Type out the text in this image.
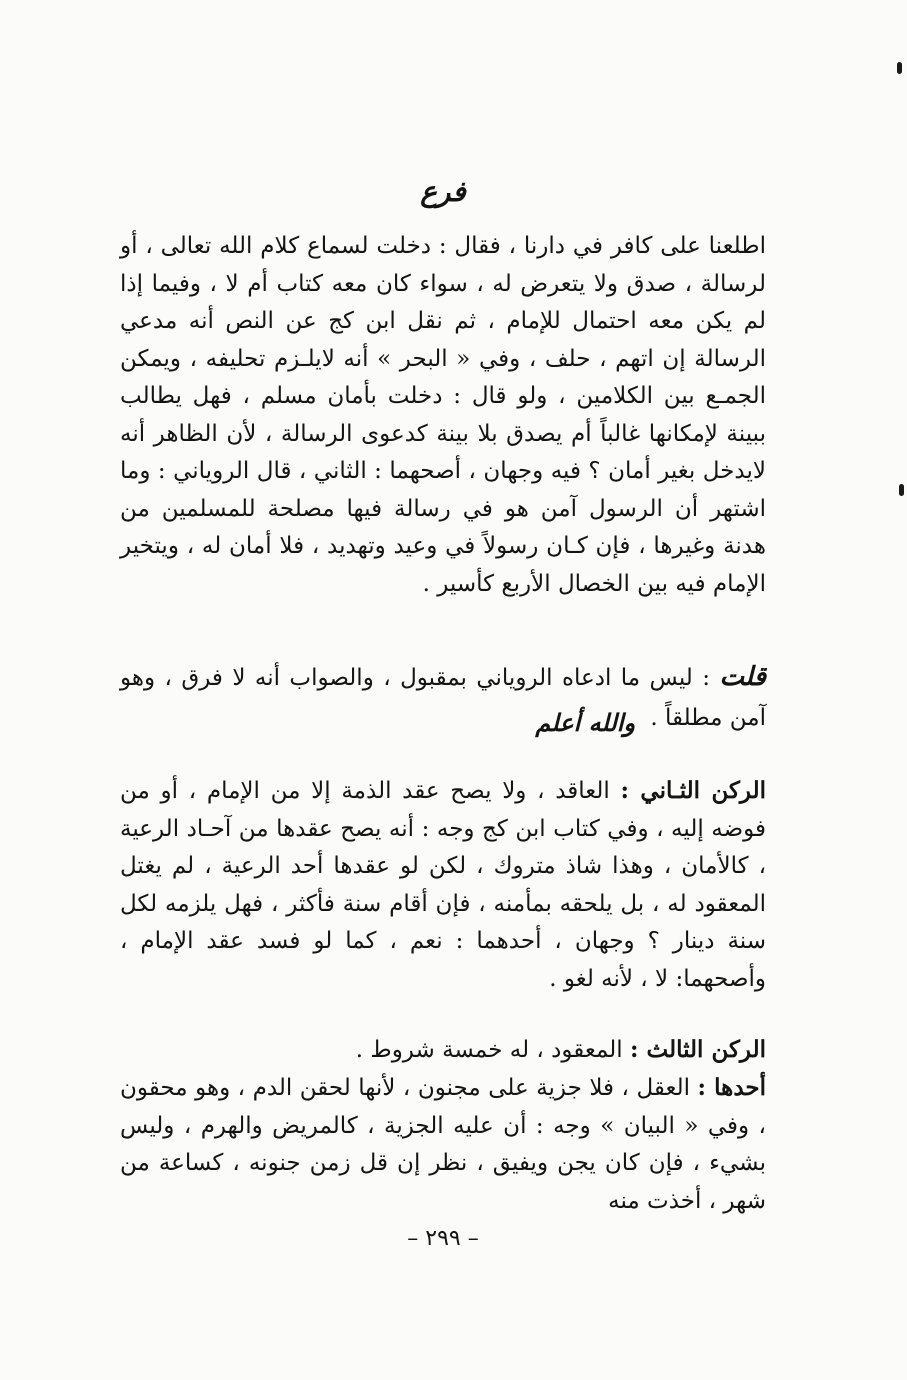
فرع
اطلعنا على كافر في دارنا ، فقال : دخلت لسماع كلام الله تعالى ، أو لرسالة ، صدق ولا يتعرض له ، سواء كان معه كتاب أم لا ، وفيما إذا لم يكن معه احتمال للإمام ، ثم نقل ابن كج عن النص أنه مدعي الرسالة إن اتهم ، حلف ، وفي « البحر » أنه لايلـزم تحليفه ، ويمكن الجمـع بين الكلامين ، ولو قال : دخلت بأمان مسلم ، فهل يطالب ببينة لإمكانها غالباً أم يصدق بلا بينة كدعوى الرسالة ، لأن الظاهر أنه لايدخل بغير أمان ؟ فيه وجهان ، أصحهما : الثاني ، قال الروياني : وما اشتهر أن الرسول آمن هو في رسالة فيها مصلحة للمسلمين من هدنة وغيرها ، فإن كـان رسولاً في وعيد وتهديد ، فلا أمان له ، ويتخير الإمام فيه بين الخصال الأربع كأسير .
قلت : ليس ما ادعاه الروياني بمقبول ، والصواب أنه لا فرق ، وهو آمن مطلقاً . والله أعلم
الركن الثـاني : العاقد ، ولا يصح عقد الذمة إلا من الإمام ، أو من فوضه إليه ، وفي كتاب ابن كج وجه : أنه يصح عقدها من آحـاد الرعية ، كالأمان ، وهذا شاذ متروك ، لكن لو عقدها أحد الرعية ، لم يغتل المعقود له ، بل يلحقه بمأمنه ، فإن أقام سنة فأكثر ، فهل يلزمه لكل سنة دينار ؟ وجهان ، أحدهما : نعم ، كما لو فسد عقد الإمام ، وأصحهما: لا ، لأنه لغو .
الركن الثالث : المعقود ، له خمسة شروط .
أحدها : العقل ، فلا جزية على مجنون ، لأنها لحقن الدم ، وهو محقون ، وفي « البيان » وجه : أن عليه الجزية ، كالمريض والهرم ، وليس بشيء ، فإن كان يجن ويفيق ، نظر إن قل زمن جنونه ، كساعة من شهر ، أخذت منه
– ٢٩٩ –
